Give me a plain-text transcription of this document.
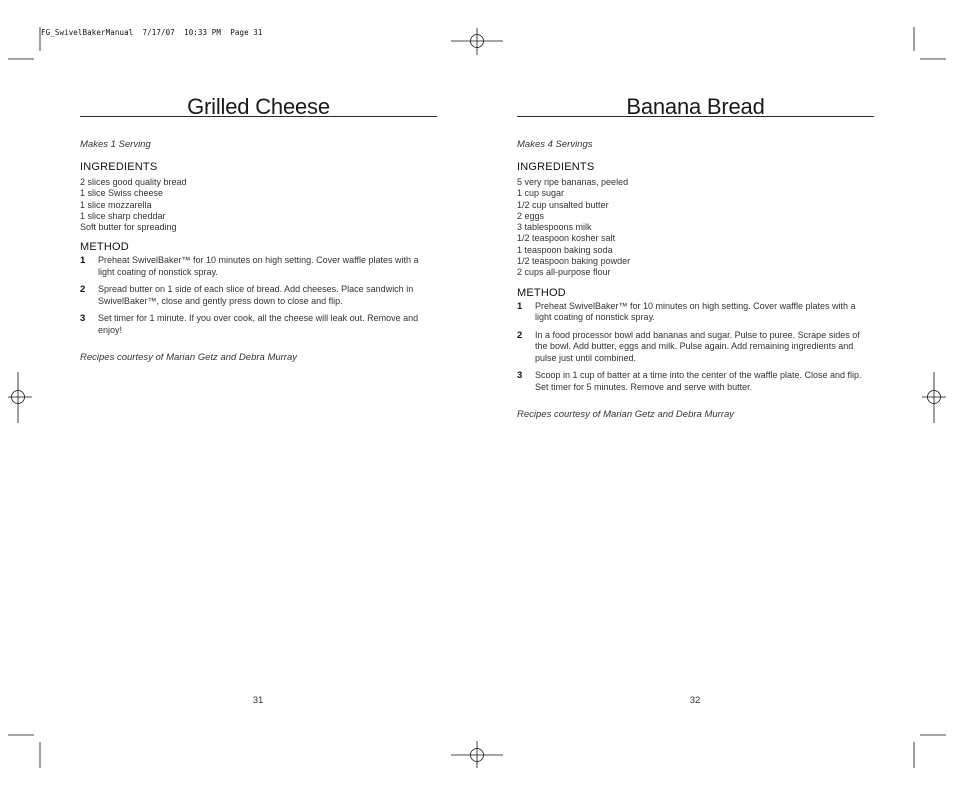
FG_SwivelBakerManual  7/17/07  10:33 PM  Page 31
Grilled Cheese
Makes 1 Serving
INGREDIENTS
2 slices good quality bread
1 slice Swiss cheese
1 slice mozzarella
1 slice sharp cheddar
Soft butter for spreading
METHOD
1	Preheat SwivelBaker™ for 10 minutes on high setting. Cover waffle plates with a light coating of nonstick spray.
2	Spread butter on 1 side of each slice of bread. Add cheeses. Place sandwich in SwivelBaker™, close and gently press down to close and flip.
3	Set timer for 1 minute. If you over cook, all the cheese will leak out. Remove and enjoy!
Recipes courtesy of Marian Getz and Debra Murray
31
Banana Bread
Makes 4 Servings
INGREDIENTS
5 very ripe bananas, peeled
1 cup sugar
1/2 cup unsalted butter
2 eggs
3 tablespoons milk
1/2 teaspoon kosher salt
1 teaspoon baking soda
1/2 teaspoon baking powder
2 cups all-purpose flour
METHOD
1	Preheat SwivelBaker™ for 10 minutes on high setting. Cover waffle plates with a light coating of nonstick spray.
2	In a food processor bowl add bananas and sugar. Pulse to puree. Scrape sides of the bowl. Add butter, eggs and milk. Pulse again. Add remaining ingredients and pulse just until combined.
3	Scoop in 1 cup of batter at a time into the center of the waffle plate. Close and flip. Set timer for 5 minutes. Remove and serve with butter.
Recipes courtesy of Marian Getz and Debra Murray
32
